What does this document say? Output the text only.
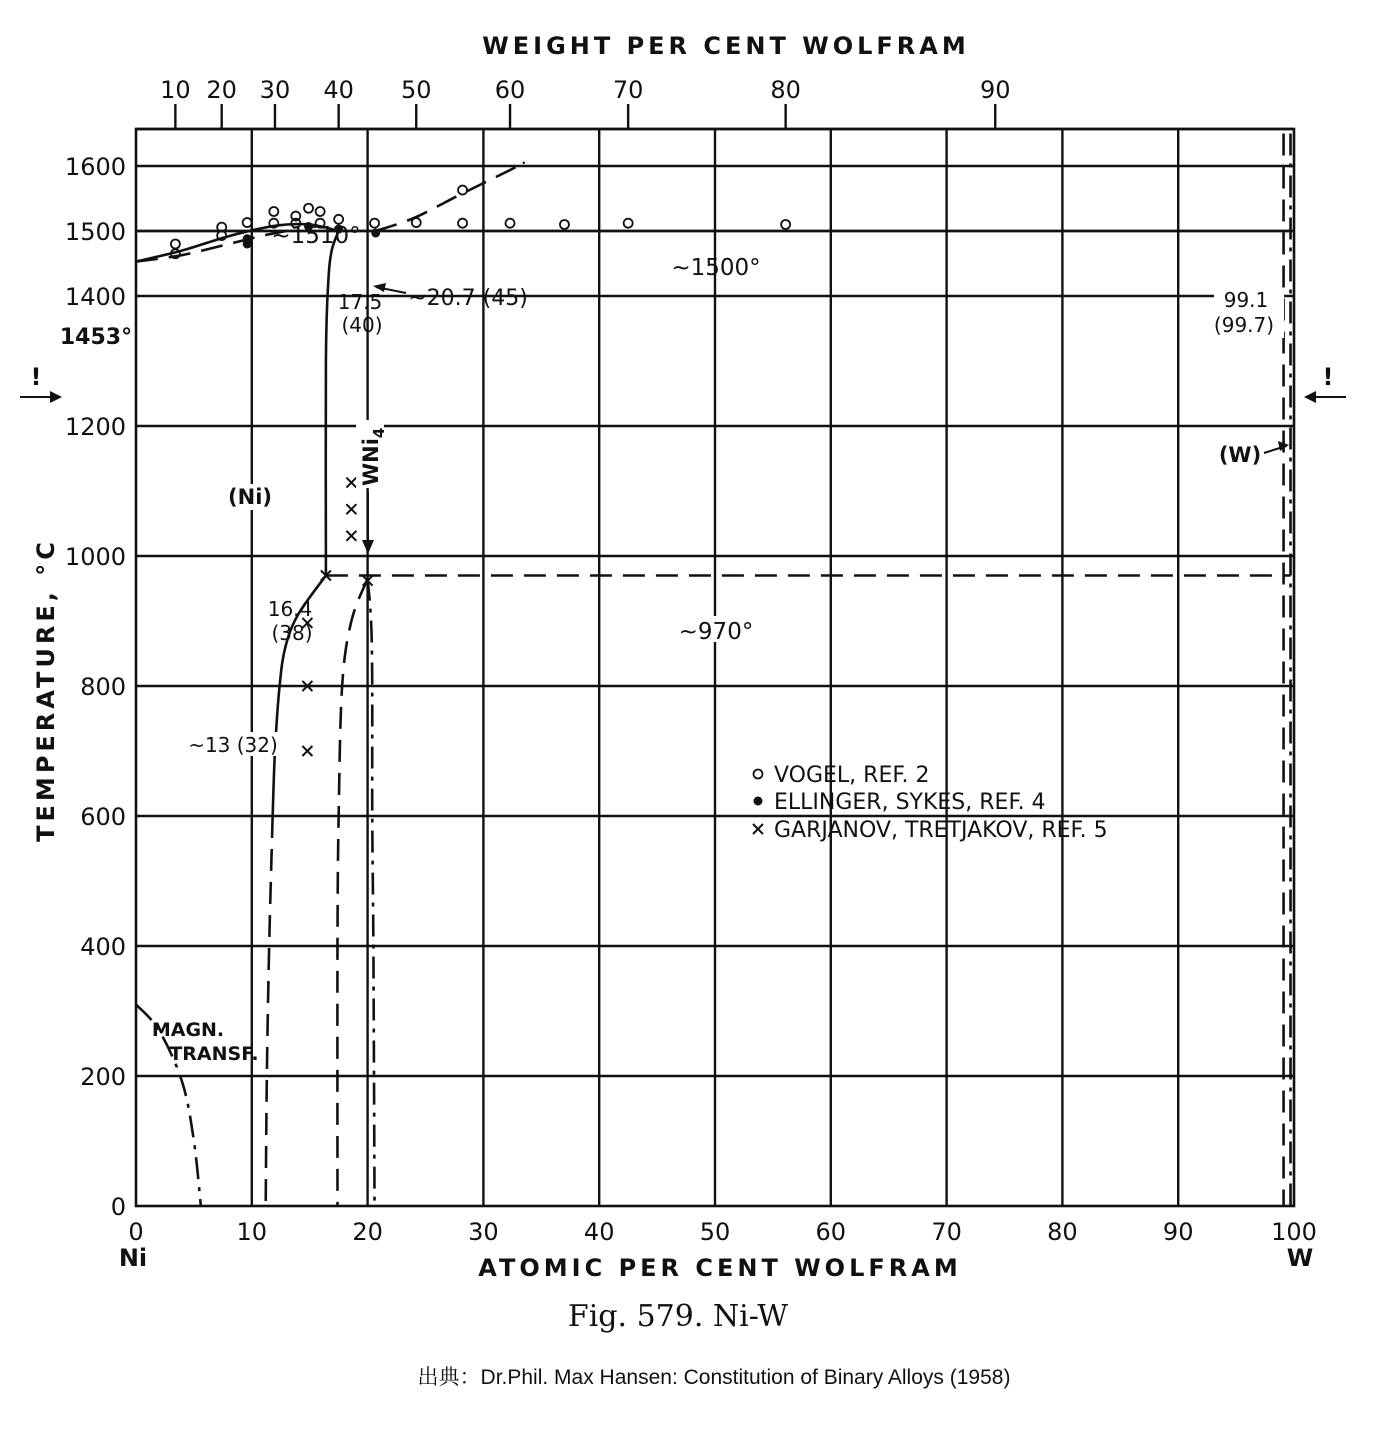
0	10	20	30	40	50	60	70	80	90	100
0
200
400
600
800
1000
1200
1400
1500
1600
10 20 30 40 50	60	70	80	90
WEIGHT PER CENT WOLFRAM
ATOMIC PER CENT WOLFRAM
TEMPERATURE, °C
Ni	W
~1510°
~1500°
~970°
1453°
~20.7 (45)
17.5
(40)
16.4
(38)
~13 (32)
99.1
(99.7)
(Ni)
(W)
WNi$_4$
MAGN.
TRANSF.
!	!
VOGEL, REF. 2
ELLINGER, SYKES, REF. 4
GARJANOV, TRETJAKOV, REF. 5
Fig. 579. Ni-W
出典：Dr.Phil. Max Hansen: Constitution of Binary Alloys (1958)
